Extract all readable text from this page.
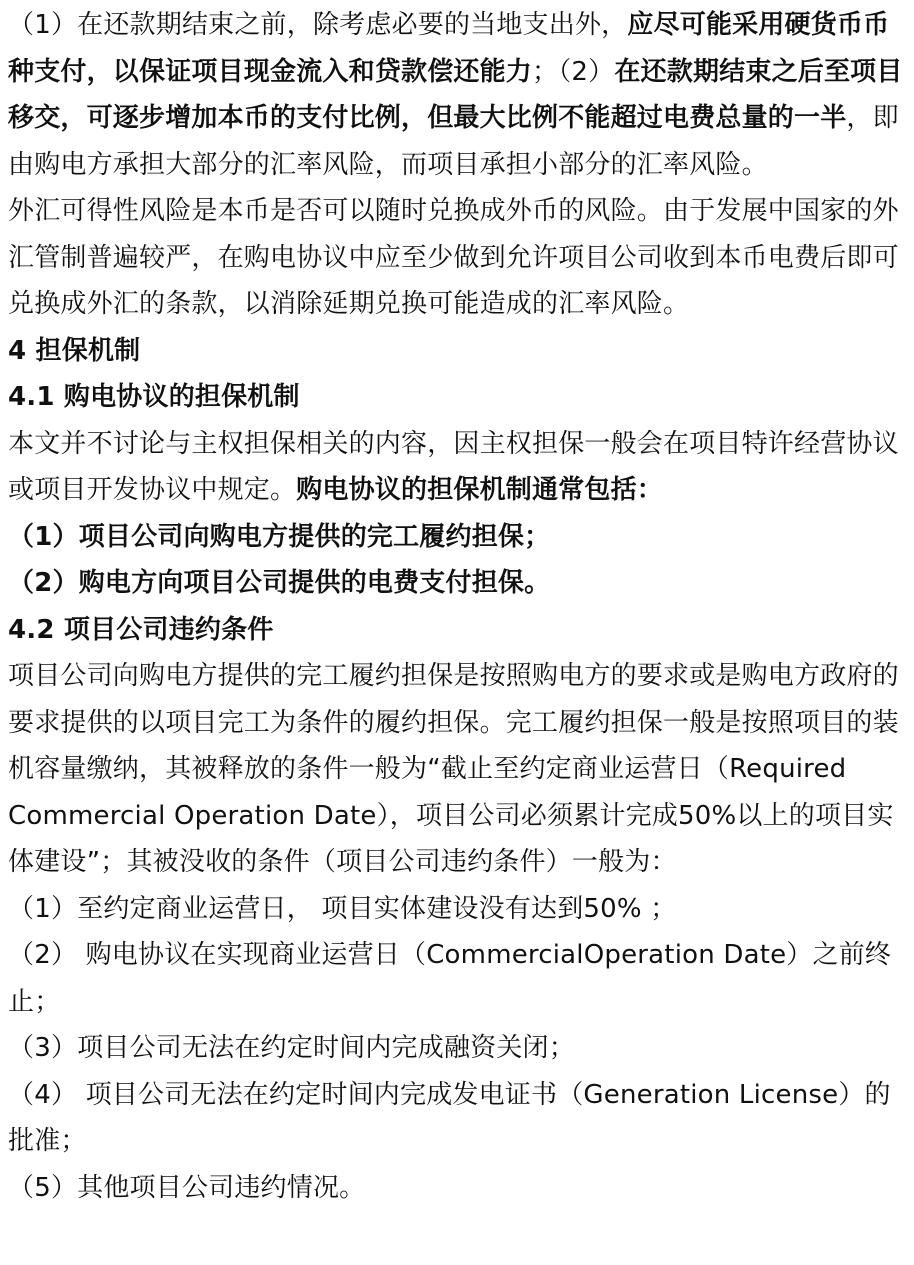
（1）在还款期结束之前，除考虑必要的当地支出外，应尽可能采用硬货币币种支付，以保证项目现金流入和贷款偿还能力；（2）在还款期结束之后至项目移交，可逐步增加本币的支付比例，但最大比例不能超过电费总量的一半，即由购电方承担大部分的汇率风险，而项目承担小部分的汇率风险。

外汇可得性风险是本币是否可以随时兑换成外币的风险。由于发展中国家的外汇管制普遍较严，在购电协议中应至少做到允许项目公司收到本币电费后即可兑换成外汇的条款，以消除延期兑换可能造成的汇率风险。

4 担保机制

4.1 购电协议的担保机制

本文并不讨论与主权担保相关的内容，因主权担保一般会在项目特许经营协议或项目开发协议中规定。购电协议的担保机制通常包括：

（1）项目公司向购电方提供的完工履约担保；

（2）购电方向项目公司提供的电费支付担保。

4.2 项目公司违约条件

项目公司向购电方提供的完工履约担保是按照购电方的要求或是购电方政府的要求提供的以项目完工为条件的履约担保。完工履约担保一般是按照项目的装机容量缴纳，其被释放的条件一般为“截止至约定商业运营日（Required Commercial Operation Date），项目公司必须累计完成50%以上的项目实体建设”；其被没收的条件（项目公司违约条件）一般为：

（1）至约定商业运营日， 项目实体建设没有达到50% ；

（2） 购电协议在实现商业运营日（CommercialOperation Date）之前终止；

（3）项目公司无法在约定时间内完成融资关闭；

（4） 项目公司无法在约定时间内完成发电证书（Generation License）的批准；

（5）其他项目公司违约情况。
